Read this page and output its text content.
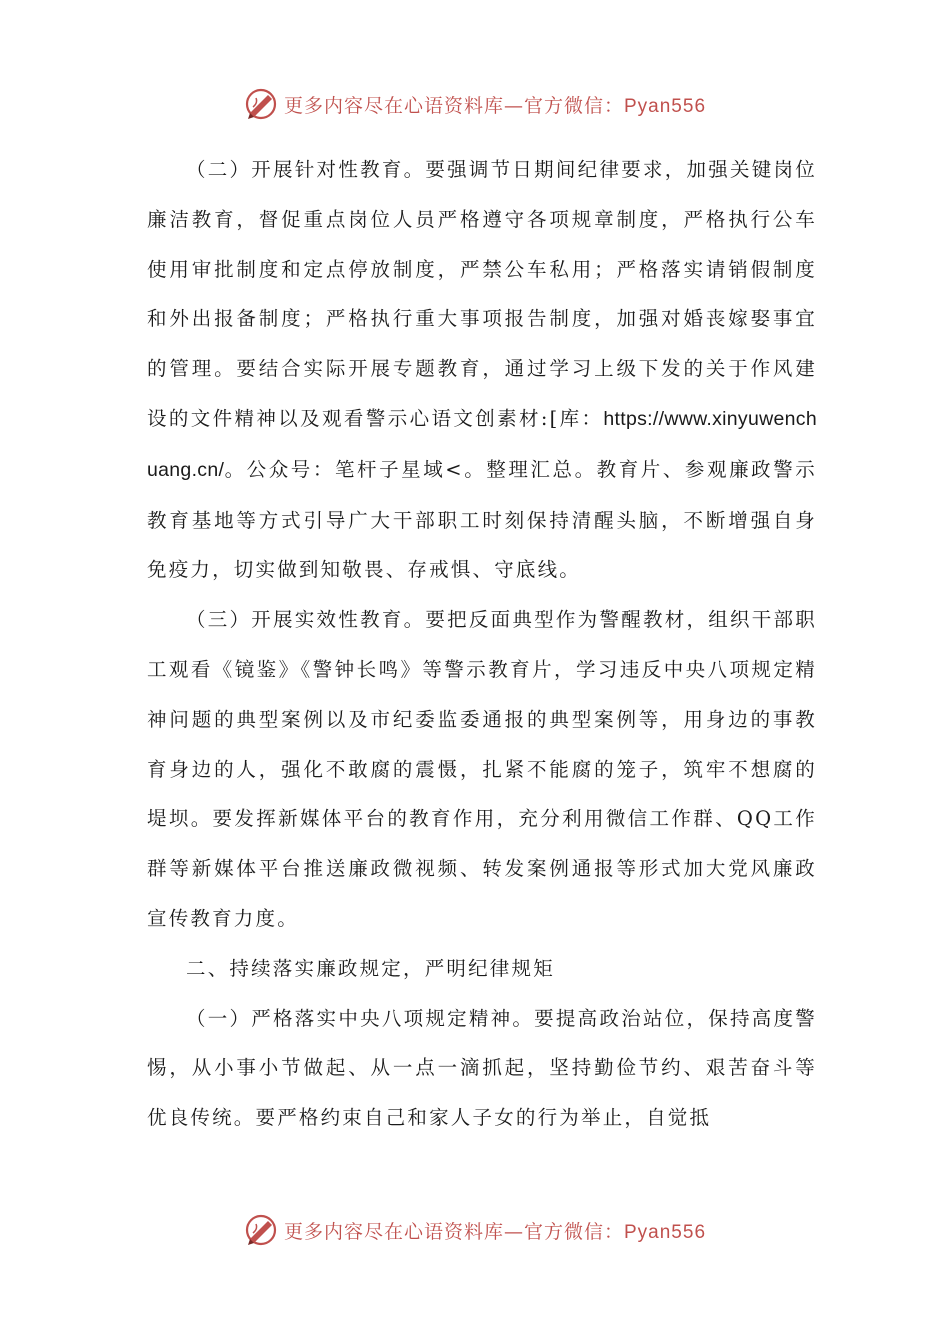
更多内容尽在心语资料库—官方微信：Pyan556

（二）开展针对性教育。要强调节日期间纪律要求，加强关键岗位廉洁教育，督促重点岗位人员严格遵守各项规章制度，严格执行公车使用审批制度和定点停放制度，严禁公车私用；严格落实请销假制度和外出报备制度；严格执行重大事项报告制度，加强对婚丧嫁娶事宜的管理。要结合实际开展专题教育，通过学习上级下发的关于作风建设的文件精神以及观看警示心语文创素材:[库：https://www.xinyuwenchuang.cn/。公众号：笔杆子星域<。整理汇总。教育片、参观廉政警示教育基地等方式引导广大干部职工时刻保持清醒头脑，不断增强自身免疫力，切实做到知敬畏、存戒惧、守底线。

（三）开展实效性教育。要把反面典型作为警醒教材，组织干部职工观看《镜鉴》《警钟长鸣》等警示教育片，学习违反中央八项规定精神问题的典型案例以及市纪委监委通报的典型案例等，用身边的事教育身边的人，强化不敢腐的震慑，扎紧不能腐的笼子，筑牢不想腐的堤坝。要发挥新媒体平台的教育作用，充分利用微信工作群、QQ工作群等新媒体平台推送廉政微视频、转发案例通报等形式加大党风廉政宣传教育力度。

二、持续落实廉政规定，严明纪律规矩

（一）严格落实中央八项规定精神。要提高政治站位，保持高度警惕，从小事小节做起、从一点一滴抓起，坚持勤俭节约、艰苦奋斗等优良传统。要严格约束自己和家人子女的行为举止，自觉抵

更多内容尽在心语资料库—官方微信：Pyan556
